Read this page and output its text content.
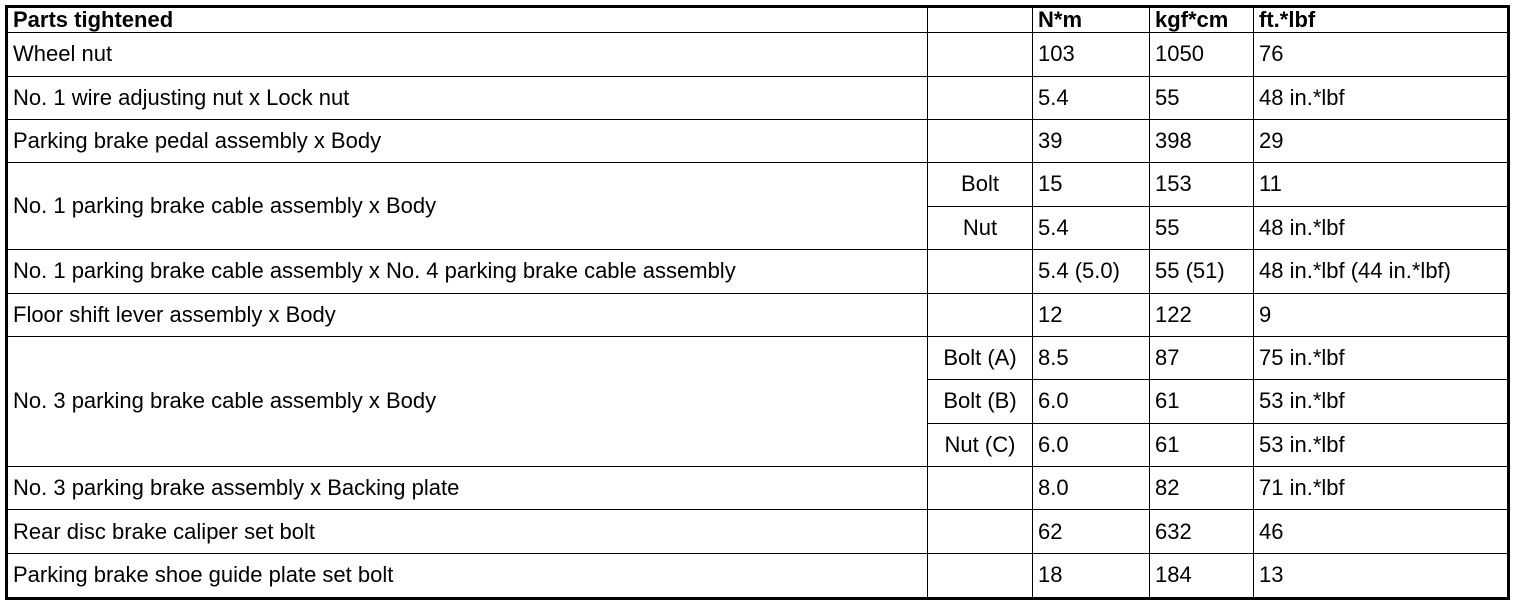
Parts tightened		N*m	kgf*cm	ft.*lbf
Wheel nut		103	1050	76
No. 1 wire adjusting nut x Lock nut		5.4	55	48 in.*lbf
Parking brake pedal assembly x Body		39	398	29
No. 1 parking brake cable assembly x Body	Bolt	15	153	11
	Nut	5.4	55	48 in.*lbf
No. 1 parking brake cable assembly x No. 4 parking brake cable assembly		5.4 (5.0)	55 (51)	48 in.*lbf (44 in.*lbf)
Floor shift lever assembly x Body		12	122	9
No. 3 parking brake cable assembly x Body	Bolt (A)	8.5	87	75 in.*lbf
	Bolt (B)	6.0	61	53 in.*lbf
	Nut (C)	6.0	61	53 in.*lbf
No. 3 parking brake assembly x Backing plate		8.0	82	71 in.*lbf
Rear disc brake caliper set bolt		62	632	46
Parking brake shoe guide plate set bolt		18	184	13
